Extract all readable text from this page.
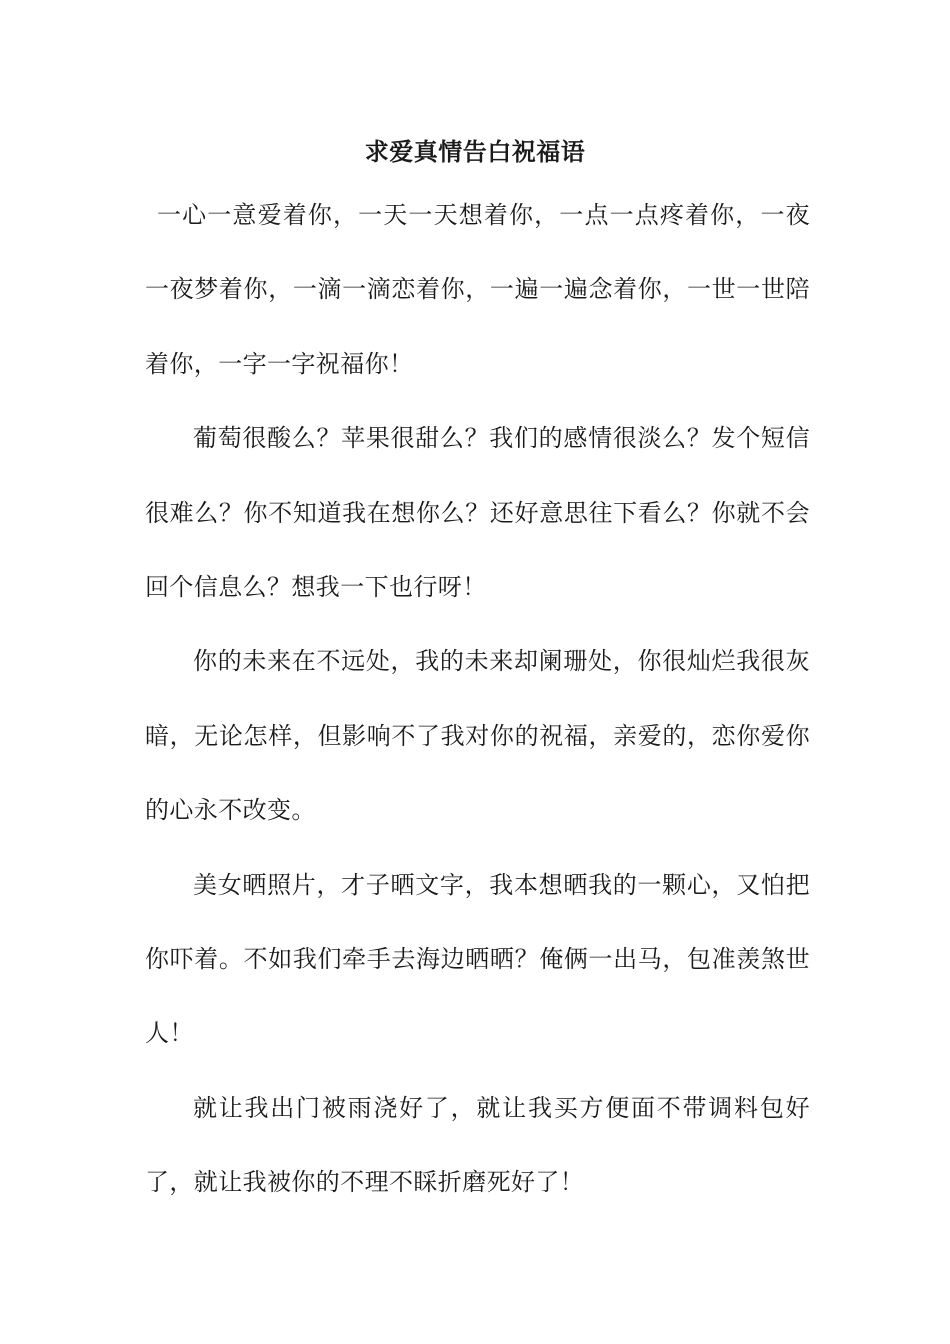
求爱真情告白祝福语

一心一意爱着你，一天一天想着你，一点一点疼着你，一夜一夜梦着你，一滴一滴恋着你，一遍一遍念着你，一世一世陪着你，一字一字祝福你！

葡萄很酸么？苹果很甜么？我们的感情很淡么？发个短信很难么？你不知道我在想你么？还好意思往下看么？你就不会回个信息么？想我一下也行呀！

你的未来在不远处，我的未来却阑珊处，你很灿烂我很灰暗，无论怎样，但影响不了我对你的祝福，亲爱的，恋你爱你的心永不改变。

美女晒照片，才子晒文字，我本想晒我的一颗心，又怕把你吓着。不如我们牵手去海边晒晒？俺俩一出马，包准羡煞世人！

就让我出门被雨浇好了，就让我买方便面不带调料包好了，就让我被你的不理不睬折磨死好了！
